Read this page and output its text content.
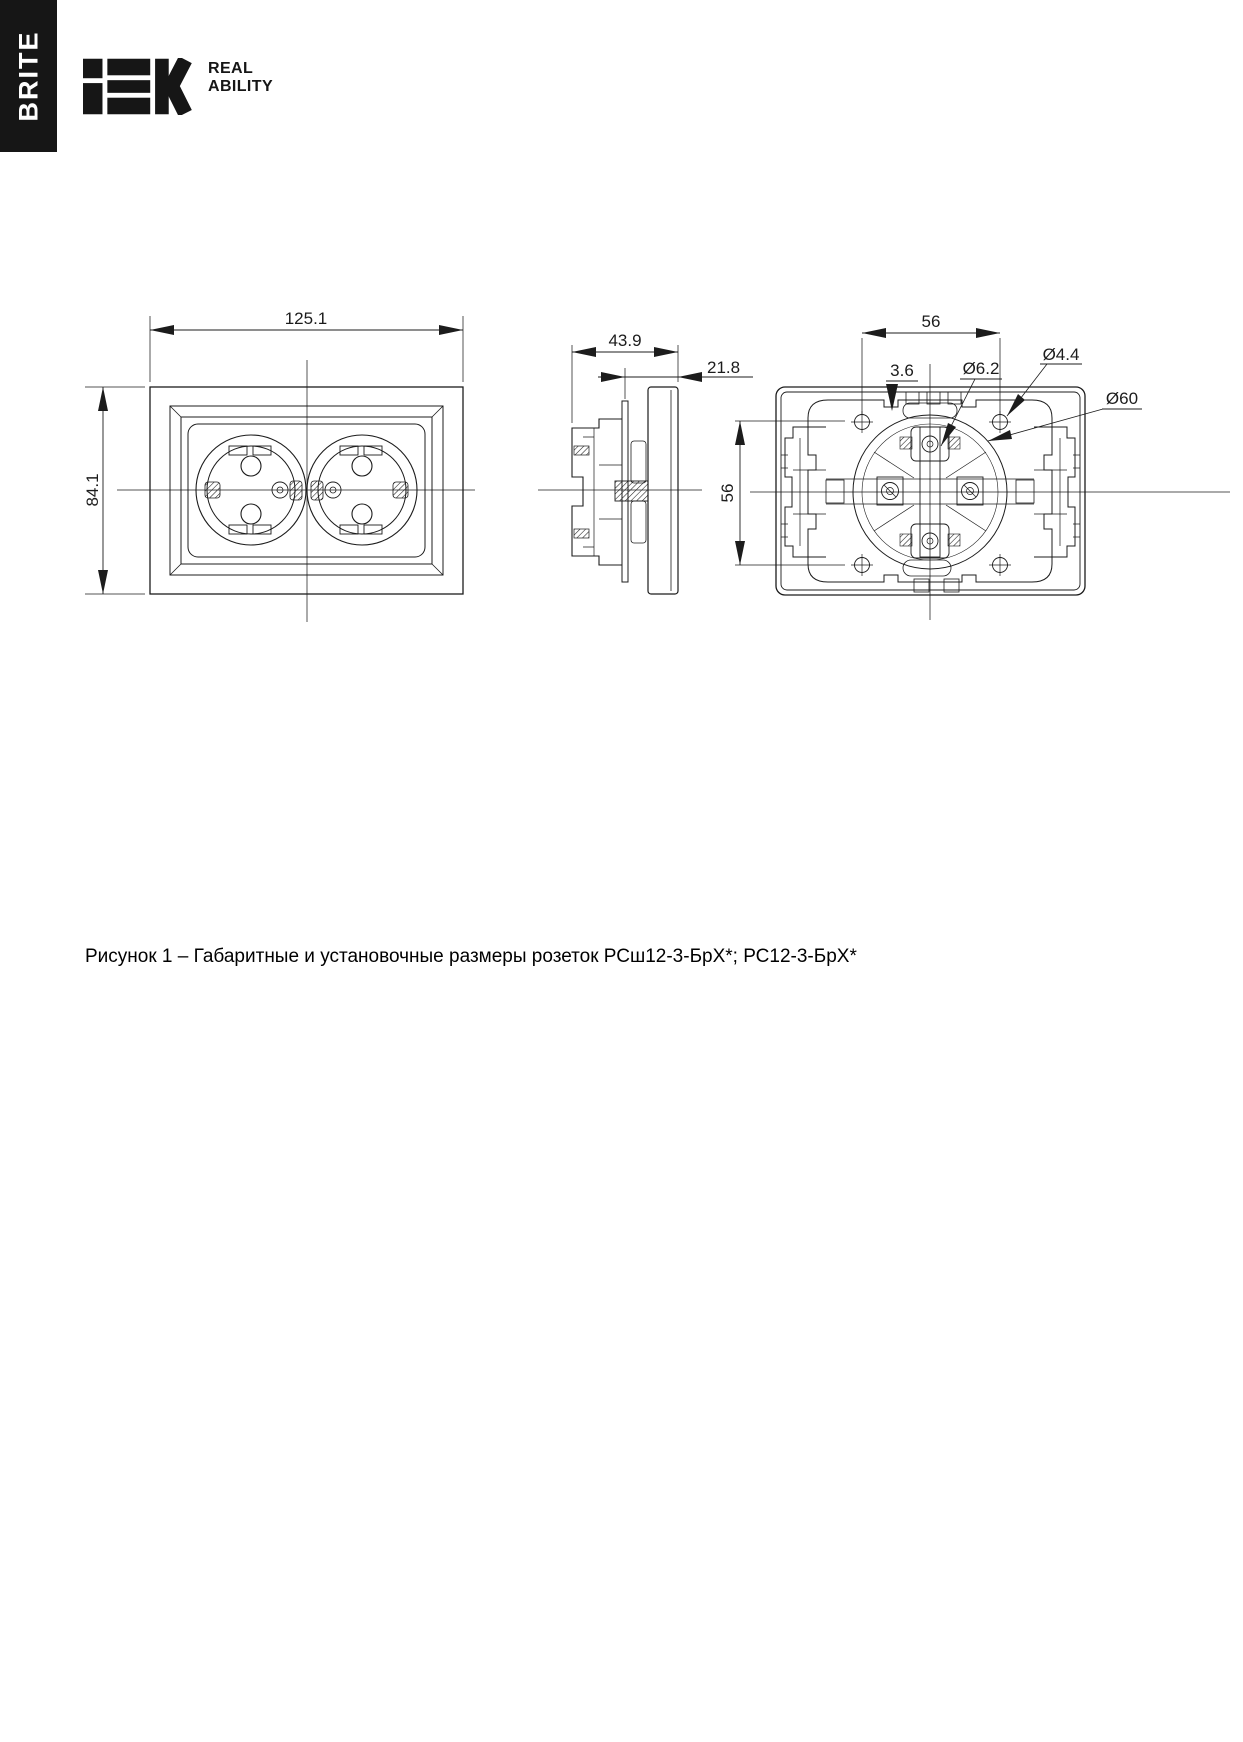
BRITE	REAL
ABILITY
125.1
84.1
43.9
21.8
56
56
3.6	Ø6.2
Ø4.4
Ø60
Рисунок 1 – Габаритные и установочные размеры розеток РСш12-3-БрХ*; РС12-3-БрХ*
